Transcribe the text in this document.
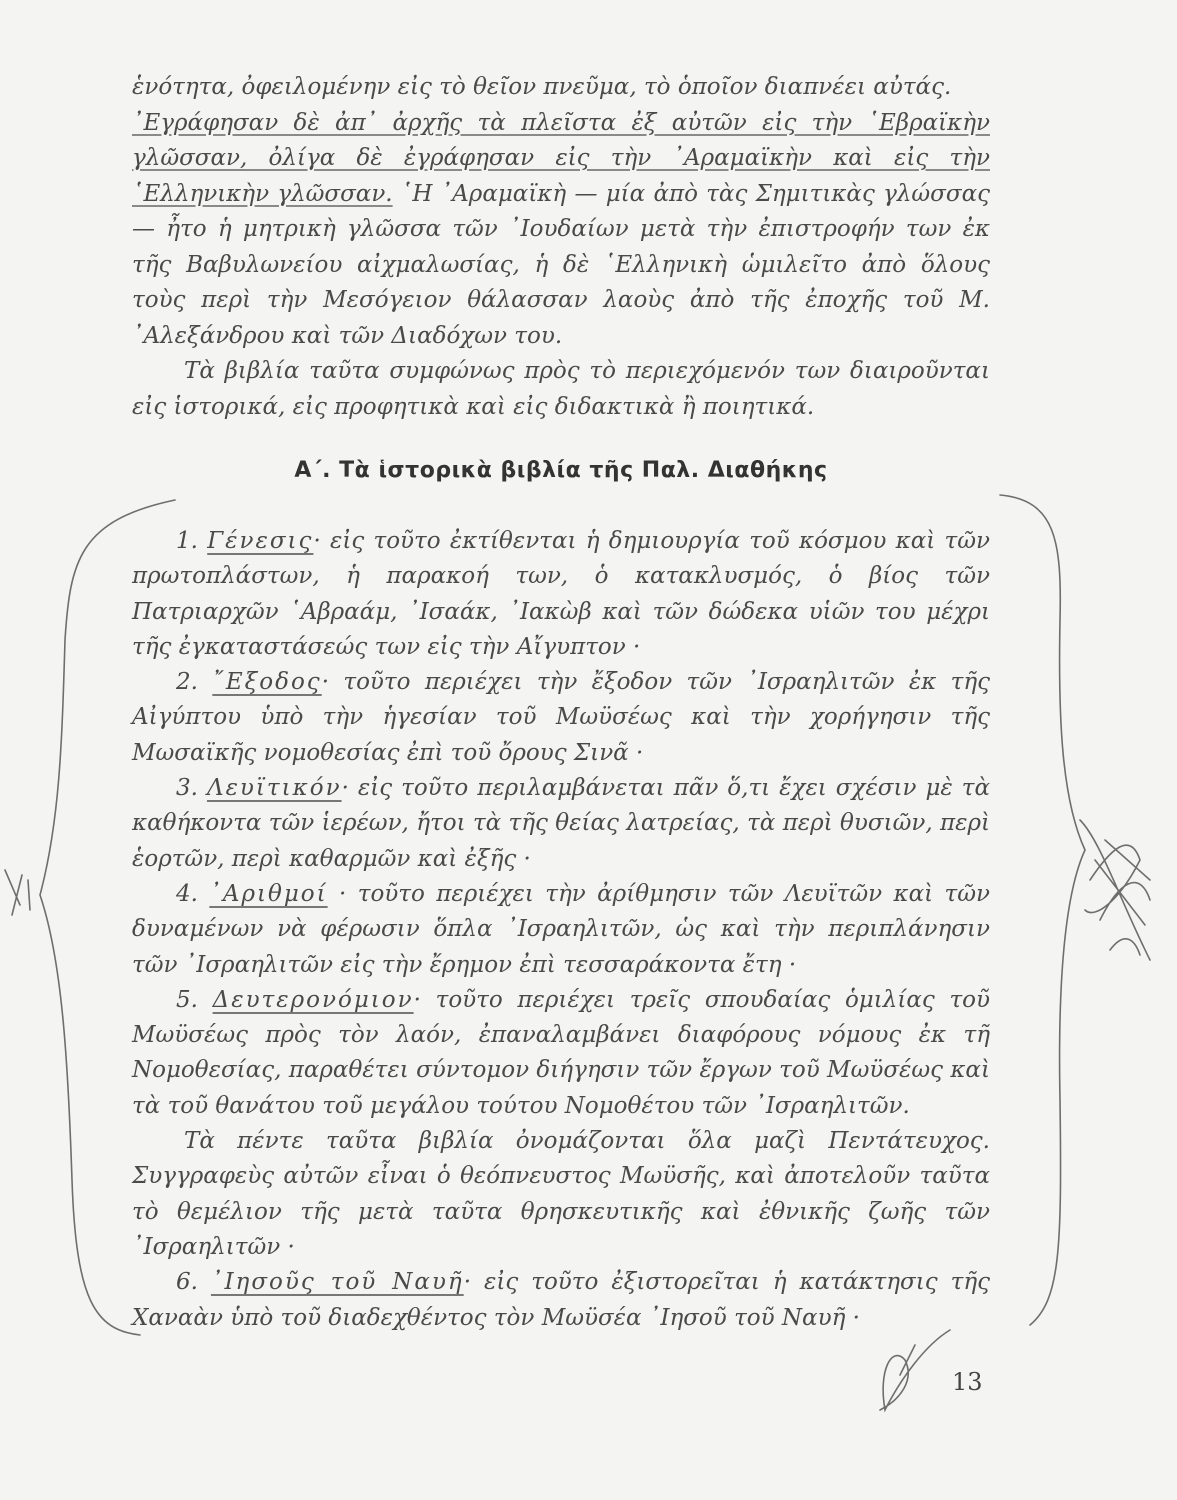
ἑνότητα, ὀφειλομένην εἰς τὸ θεῖον πνεῦμα, τὸ ὁποῖον διαπνέει αὐτάς.

᾿Εγράφησαν δὲ ἀπ᾿ ἀρχῆς τὰ πλεῖστα ἐξ αὐτῶν εἰς τὴν ῾Εβραϊκὴν γλῶσσαν, ὀλίγα δὲ ἐγράφησαν εἰς τὴν ᾿Αραμαϊκὴν καὶ εἰς τὴν ῾Ελληνικὴν γλῶσσαν. ῾Η ᾿Αραμαϊκὴ — μία ἀπὸ τὰς Σημιτικὰς γλώσσας — ἦτο ἡ μητρικὴ γλῶσσα τῶν ᾿Ιουδαίων μετὰ τὴν ἐπιστροφήν των ἐκ τῆς Βαβυλωνείου αἰχμαλωσίας, ἡ δὲ ῾Ελληνικὴ ὡμιλεῖτο ἀπὸ ὅλους τοὺς περὶ τὴν Μεσόγειον θάλασσαν λαοὺς ἀπὸ τῆς ἐποχῆς τοῦ Μ. ᾿Αλεξάνδρου καὶ τῶν Διαδόχων του.

Τὰ βιβλία ταῦτα συμφώνως πρὸς τὸ περιεχόμενόν των διαιροῦνται εἰς ἱστορικά, εἰς προφητικὰ καὶ εἰς διδακτικὰ ἢ ποιητικά.

Α΄. Τὰ ἱστορικὰ βιβλία τῆς Παλ. Διαθήκης

1. Γένεσις· εἰς τοῦτο ἐκτίθενται ἡ δημιουργία τοῦ κόσμου καὶ τῶν πρωτοπλάστων, ἡ παρακοή των, ὁ κατακλυσμός, ὁ βίος τῶν Πατριαρχῶν ῾Αβραάμ, ᾿Ισαάκ, ᾿Ιακὼβ καὶ τῶν δώδεκα υἱῶν του μέχρι τῆς ἐγκαταστάσεώς των εἰς τὴν Αἴγυπτον ·

2. ῎Εξοδος· τοῦτο περιέχει τὴν ἔξοδον τῶν ᾿Ισραηλιτῶν ἐκ τῆς Αἰγύπτου ὑπὸ τὴν ἡγεσίαν τοῦ Μωϋσέως καὶ τὴν χορήγησιν τῆς Μωσαϊκῆς νομοθεσίας ἐπὶ τοῦ ὄρους Σινᾶ ·

3. Λευϊτικόν· εἰς τοῦτο περιλαμβάνεται πᾶν ὅ,τι ἔχει σχέσιν μὲ τὰ καθήκοντα τῶν ἱερέων, ἤτοι τὰ τῆς θείας λατρείας, τὰ περὶ θυσιῶν, περὶ ἑορτῶν, περὶ καθαρμῶν καὶ ἐξῆς ·

4. ᾿Αριθμοί · τοῦτο περιέχει τὴν ἀρίθμησιν τῶν Λευϊτῶν καὶ τῶν δυναμένων νὰ φέρωσιν ὅπλα ᾿Ισραηλιτῶν, ὡς καὶ τὴν περιπλάνησιν τῶν ᾿Ισραηλιτῶν εἰς τὴν ἔρημον ἐπὶ τεσσαράκοντα ἔτη ·

5. Δευτερονόμιον· τοῦτο περιέχει τρεῖς σπουδαίας ὁμιλίας τοῦ Μωϋσέως πρὸς τὸν λαόν, ἐπαναλαμβάνει διαφόρους νόμους ἐκ τῆ Νομοθεσίας, παραθέτει σύντομον διήγησιν τῶν ἔργων τοῦ Μωϋσέως καὶ τὰ τοῦ θανάτου τοῦ μεγάλου τούτου Νομοθέτου τῶν ᾿Ισραηλιτῶν.

Τὰ πέντε ταῦτα βιβλία ὀνομάζονται ὅλα μαζὶ Πεντάτευχος. Συγγραφεὺς αὐτῶν εἶναι ὁ θεόπνευστος Μωϋσῆς, καὶ ἀποτελοῦν ταῦτα τὸ θεμέλιον τῆς μετὰ ταῦτα θρησκευτικῆς καὶ ἐθνικῆς ζωῆς τῶν ᾿Ισραηλιτῶν ·

6. ᾿Ιησοῦς τοῦ Ναυῆ· εἰς τοῦτο ἐξιστορεῖται ἡ κατάκτησις τῆς Χαναὰν ὑπὸ τοῦ διαδεχθέντος τὸν Μωϋσέα ᾿Ιησοῦ τοῦ Ναυῆ ·

13
